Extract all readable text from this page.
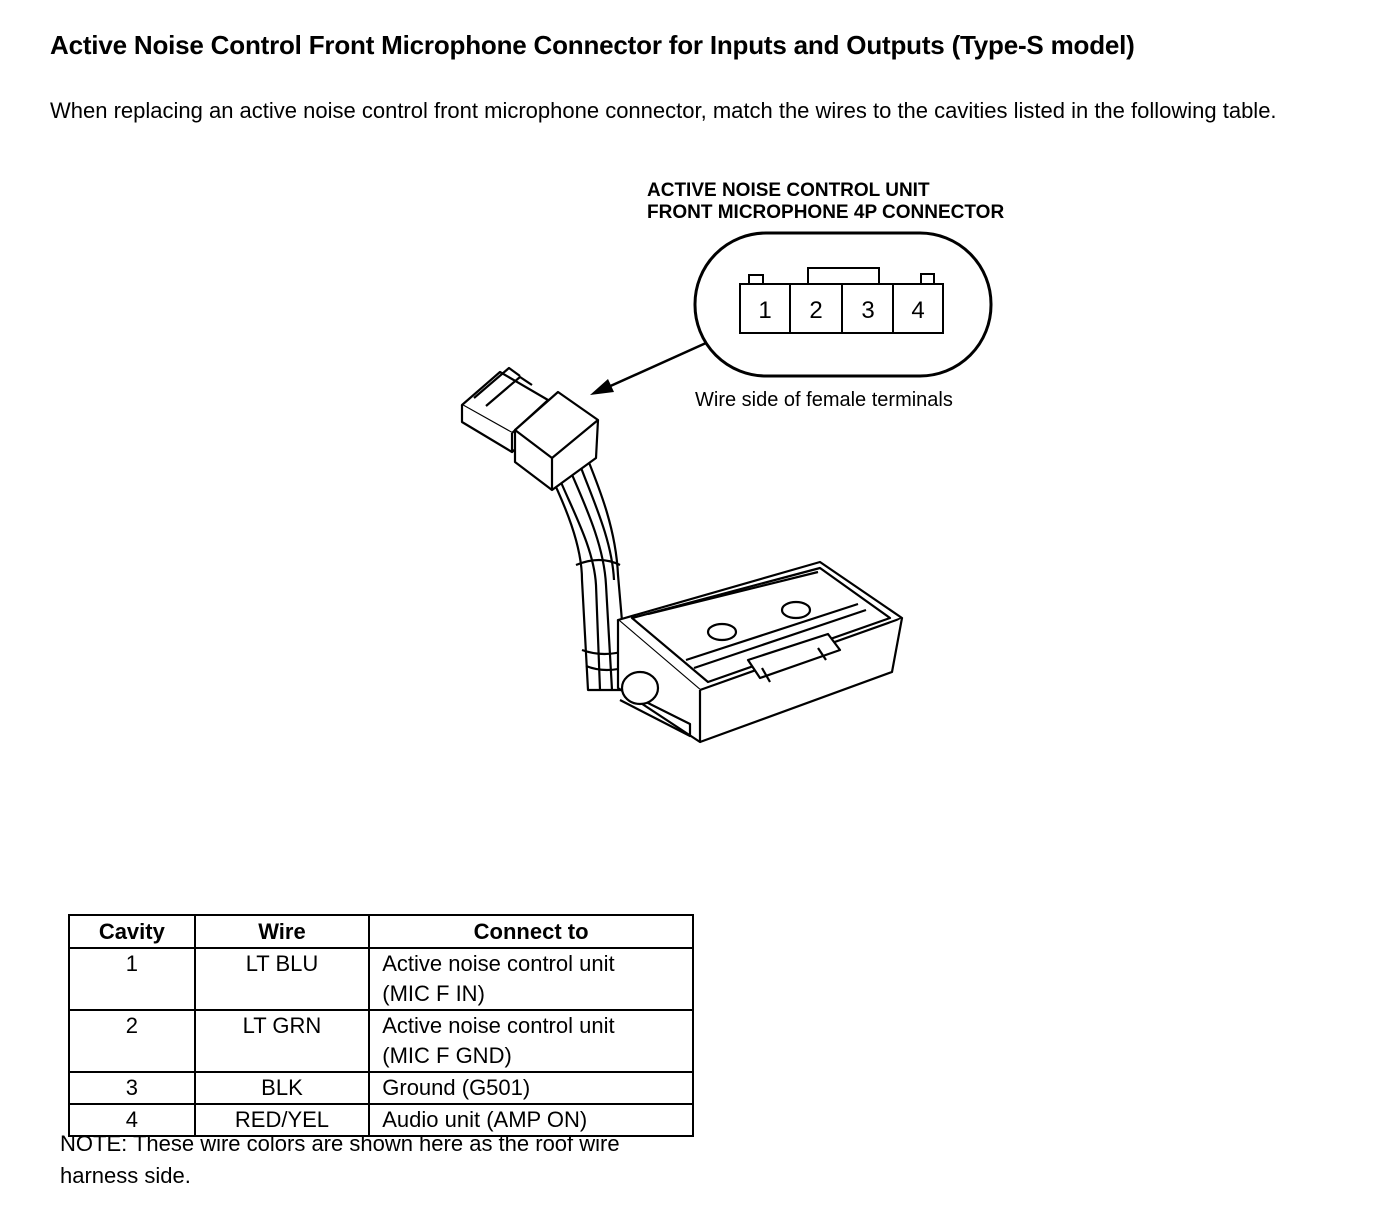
Active Noise Control Front Microphone Connector for Inputs and Outputs (Type-S model)

When replacing an active noise control front microphone connector, match the wires to the cavities listed in the following table.

ACTIVE NOISE CONTROL UNIT
FRONT MICROPHONE 4P CONNECTOR
1 2 3 4

Wire side of female terminals

Cavity	Wire	Connect to
1	LT BLU	Active noise control unit
(MIC F IN)

2	LT GRN	Active noise control unit
(MIC F GND)

3	BLK	Ground (G501)
4	RED/YEL	Audio unit (AMP ON)

NOTE: These wire colors are shown here as the roof wire harness side.
